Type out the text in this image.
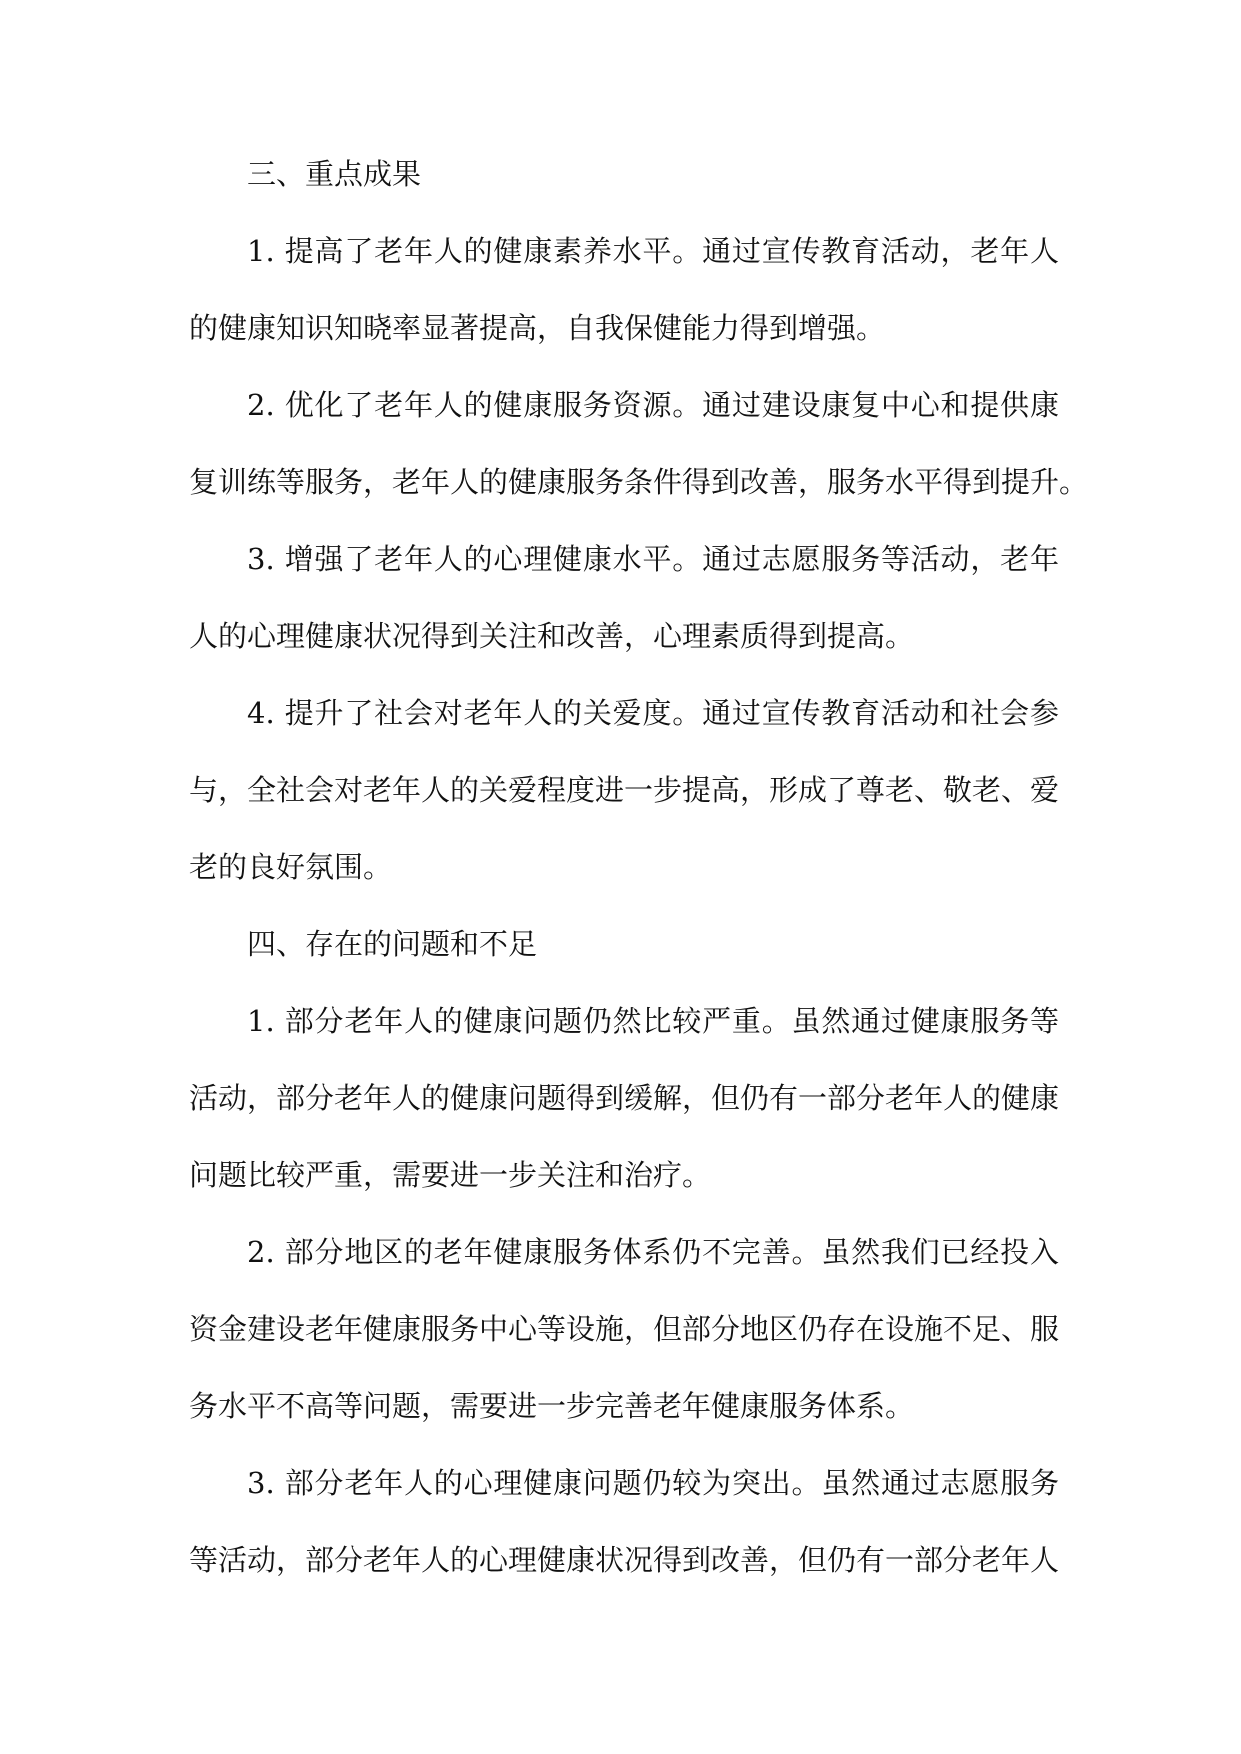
三、重点成果
1. 提高了老年人的健康素养水平。通过宣传教育活动，老年人
的健康知识知晓率显著提高，自我保健能力得到增强。
2. 优化了老年人的健康服务资源。通过建设康复中心和提供康
复训练等服务，老年人的健康服务条件得到改善，服务水平得到提升。
3. 增强了老年人的心理健康水平。通过志愿服务等活动，老年
人的心理健康状况得到关注和改善，心理素质得到提高。
4. 提升了社会对老年人的关爱度。通过宣传教育活动和社会参
与，全社会对老年人的关爱程度进一步提高，形成了尊老、敬老、爱
老的良好氛围。
四、存在的问题和不足
1. 部分老年人的健康问题仍然比较严重。虽然通过健康服务等
活动，部分老年人的健康问题得到缓解，但仍有一部分老年人的健康
问题比较严重，需要进一步关注和治疗。
2. 部分地区的老年健康服务体系仍不完善。虽然我们已经投入
资金建设老年健康服务中心等设施，但部分地区仍存在设施不足、服
务水平不高等问题，需要进一步完善老年健康服务体系。
3. 部分老年人的心理健康问题仍较为突出。虽然通过志愿服务
等活动，部分老年人的心理健康状况得到改善，但仍有一部分老年人
